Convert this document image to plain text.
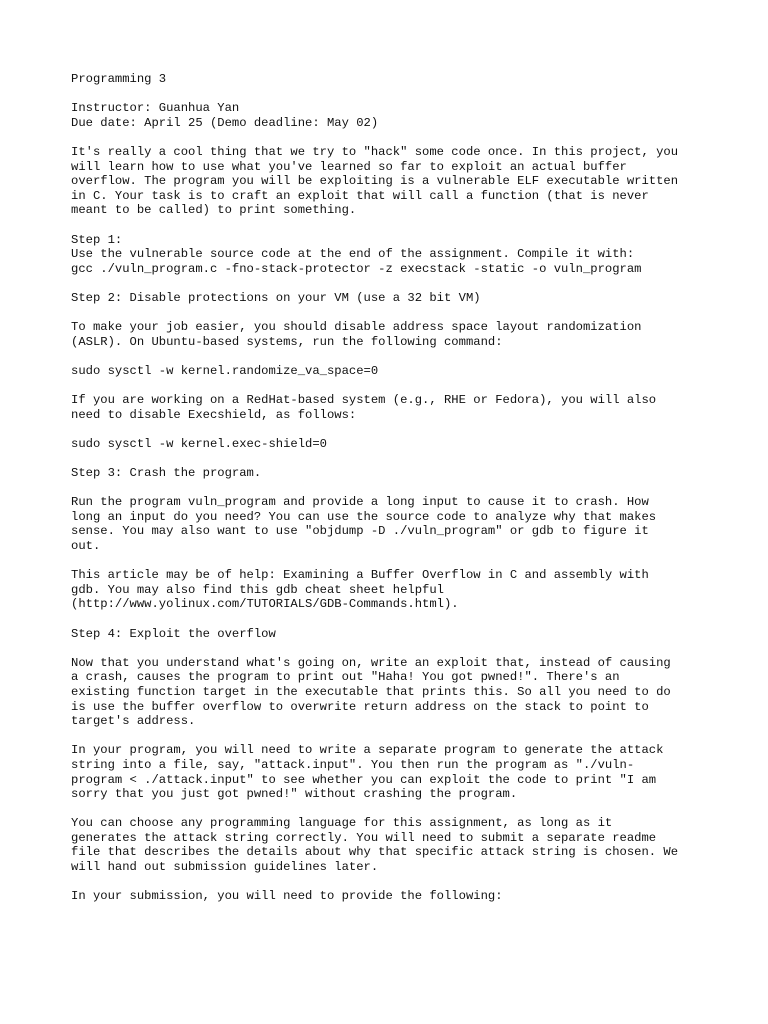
Programming 3
Instructor: Guanhua Yan
Due date: April 25 (Demo deadline: May 02)
It's really a cool thing that we try to "hack" some code once. In this project, you
will learn how to use what you've learned so far to exploit an actual buffer
overflow. The program you will be exploiting is a vulnerable ELF executable written
in C. Your task is to craft an exploit that will call a function (that is never
meant to be called) to print something.
Step 1:
Use the vulnerable source code at the end of the assignment. Compile it with:
gcc ./vuln_program.c -fno-stack-protector -z execstack -static -o vuln_program
Step 2: Disable protections on your VM (use a 32 bit VM)
To make your job easier, you should disable address space layout randomization
(ASLR). On Ubuntu-based systems, run the following command:
sudo sysctl -w kernel.randomize_va_space=0
If you are working on a RedHat-based system (e.g., RHE or Fedora), you will also
need to disable Execshield, as follows:
sudo sysctl -w kernel.exec-shield=0
Step 3: Crash the program.
Run the program vuln_program and provide a long input to cause it to crash. How
long an input do you need? You can use the source code to analyze why that makes
sense. You may also want to use "objdump -D ./vuln_program" or gdb to figure it
out.
This article may be of help: Examining a Buffer Overflow in C and assembly with
gdb. You may also find this gdb cheat sheet helpful
(http://www.yolinux.com/TUTORIALS/GDB-Commands.html).
Step 4: Exploit the overflow
Now that you understand what's going on, write an exploit that, instead of causing
a crash, causes the program to print out "Haha! You got pwned!". There's an
existing function target in the executable that prints this. So all you need to do
is use the buffer overflow to overwrite return address on the stack to point to
target's address.
In your program, you will need to write a separate program to generate the attack
string into a file, say, "attack.input". You then run the program as "./vuln-
program < ./attack.input" to see whether you can exploit the code to print "I am
sorry that you just got pwned!" without crashing the program.
You can choose any programming language for this assignment, as long as it
generates the attack string correctly. You will need to submit a separate readme
file that describes the details about why that specific attack string is chosen. We
will hand out submission guidelines later.
In your submission, you will need to provide the following:
